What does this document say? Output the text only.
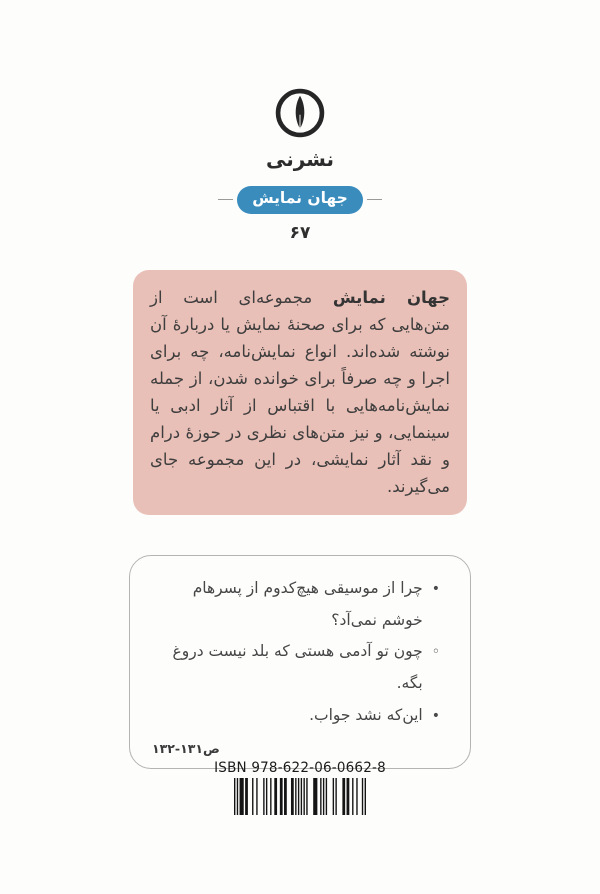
نشرنی
جهان نمایش
۶۷

جهان نمایش مجموعه‌ای است از متن‌هایی که برای صحنهٔ نمایش یا دربارهٔ آن نوشته شده‌اند. انواع نمایش‌نامه، چه برای اجرا و چه صرفاً برای خوانده شدن، از جمله نمایش‌نامه‌هایی با اقتباس از آثار ادبی یا سینمایی، و نیز متن‌های نظری در حوزهٔ درام و نقد آثار نمایشی، در این مجموعه جای می‌گیرند.

•
چرا از موسیقی هیچ‌کدوم از پسرهام خوشم نمی‌آد؟
◦
چون تو آدمی هستی که بلد نیست دروغ بگه.
•
این‌که نشد جواب.
ص۱۳۱-۱۳۲
ISBN 978-622-06-0662-8
